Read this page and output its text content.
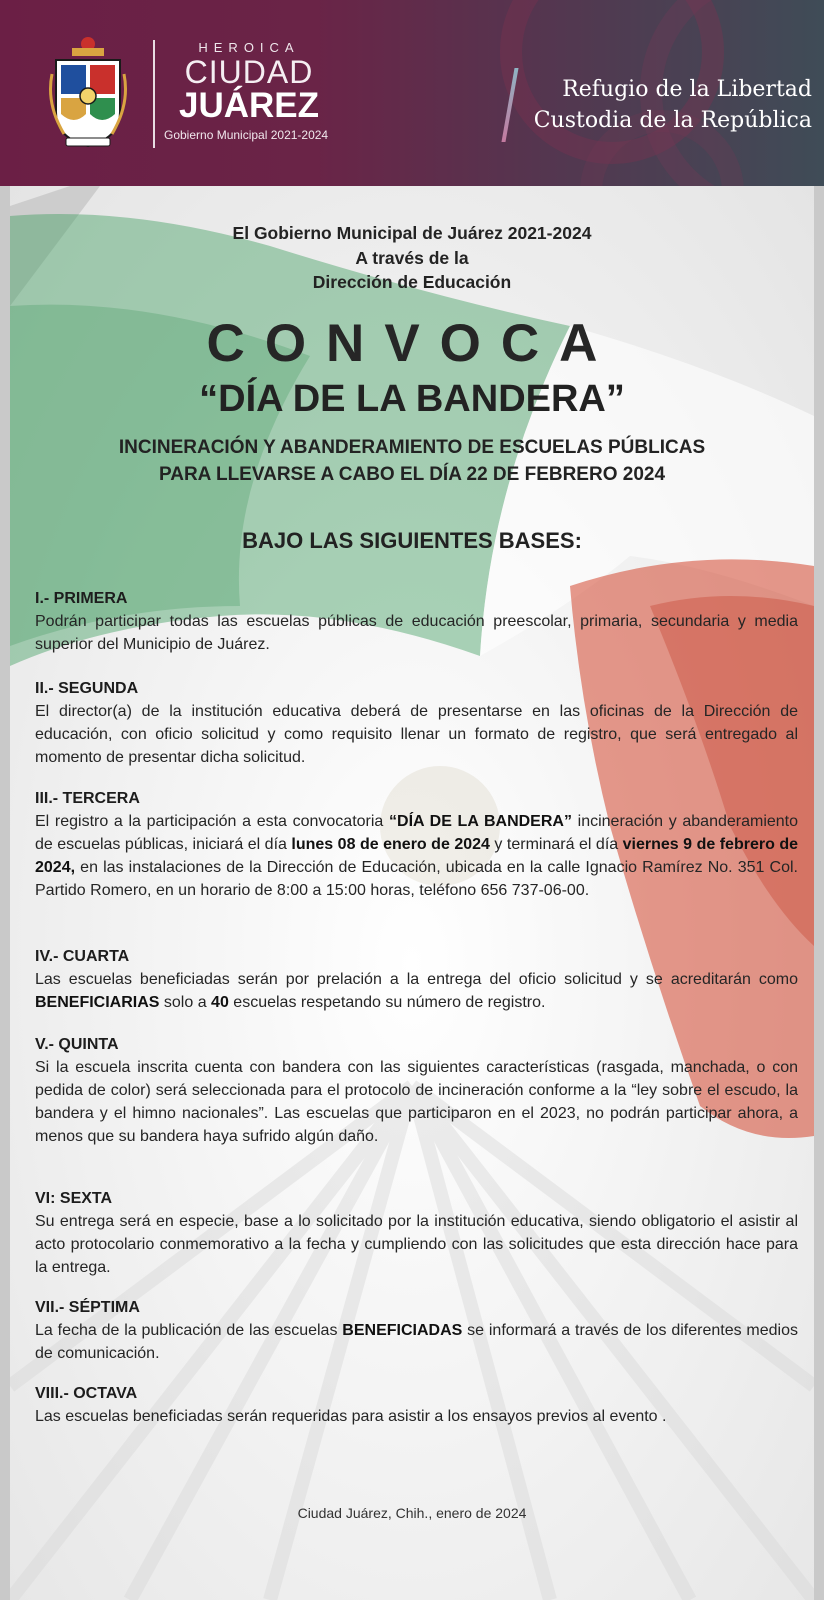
HEROICA
CIUDAD
JUÁREZ
Gobierno Municipal 2021-2024
Refugio de la Libertad
Custodia de la República
El Gobierno Municipal de Juárez 2021-2024
A través de la
Dirección de Educación
CONVOCA
“DÍA DE LA BANDERA”
INCINERACIÓN Y ABANDERAMIENTO DE ESCUELAS PÚBLICAS
PARA LLEVARSE A CABO EL DÍA 22 DE FEBRERO 2024
BAJO LAS SIGUIENTES BASES:
I.- PRIMERA

Podrán participar todas las escuelas públicas de educación preescolar, primaria, secundaria y media superior del Municipio de Juárez.

II.- SEGUNDA

El director(a) de la institución educativa deberá de presentarse en las oficinas de la Dirección de educación, con oficio solicitud y como requisito llenar un formato de registro, que será entregado al momento de presentar dicha solicitud.

III.- TERCERA

El registro a la participación a esta convocatoria “DÍA DE LA BANDERA” incineración y abanderamiento de escuelas públicas, iniciará el día lunes 08 de enero de 2024 y terminará el día viernes 9 de febrero de 2024, en las instalaciones de la Dirección de Educación, ubicada en la calle Ignacio Ramírez No. 351 Col. Partido Romero, en un horario de 8:00 a 15:00 horas, teléfono 656 737-06-00.

IV.- CUARTA

Las escuelas beneficiadas serán por prelación a la entrega del oficio solicitud y se acreditarán como BENEFICIARIAS solo a 40 escuelas respetando su número de registro.

V.- QUINTA

Si la escuela inscrita cuenta con bandera con las siguientes características (rasgada, manchada, o con pedida de color) será seleccionada para el protocolo de incineración conforme a la “ley sobre el escudo, la bandera y el himno nacionales”. Las escuelas que participaron en el 2023, no podrán participar ahora, a menos que su bandera haya sufrido algún daño.

VI: SEXTA

Su entrega será en especie, base a lo solicitado por la institución educativa, siendo obligatorio el asistir al acto protocolario conmemorativo a la fecha y cumpliendo con las solicitudes que esta dirección hace para la entrega.

VII.- SÉPTIMA

La fecha de la publicación de las escuelas BENEFICIADAS se informará a través de los diferentes medios de comunicación.

VIII.- OCTAVA

Las escuelas beneficiadas serán requeridas para asistir a los ensayos previos al evento .

Ciudad Juárez, Chih., enero de 2024
